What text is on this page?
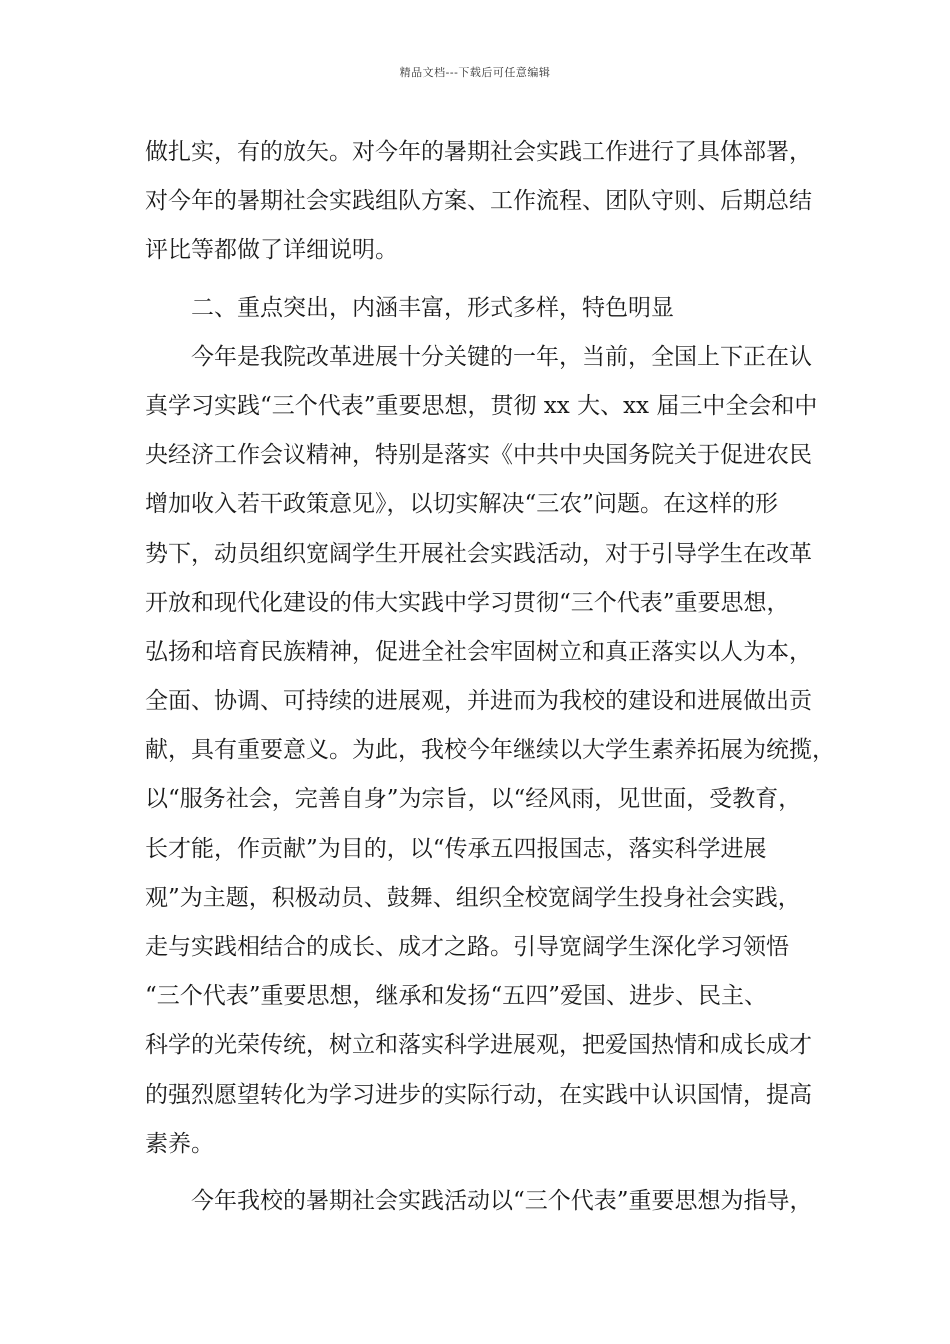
精品文档---下载后可任意编辑
做扎实，有的放矢。对今年的暑期社会实践工作进行了具体部署，
对今年的暑期社会实践组队方案、工作流程、团队守则、后期总结
评比等都做了详细说明。
二、重点突出，内涵丰富，形式多样，特色明显
今年是我院改革进展十分关键的一年，当前，全国上下正在认
真学习实践“三个代表”重要思想，贯彻 xx 大、xx 届三中全会和中
央经济工作会议精神，特别是落实《中共中央国务院关于促进农民
增加收入若干政策意见》，以切实解决“三农”问题。在这样的形
势下，动员组织宽阔学生开展社会实践活动，对于引导学生在改革
开放和现代化建设的伟大实践中学习贯彻“三个代表”重要思想，
弘扬和培育民族精神，促进全社会牢固树立和真正落实以人为本，
全面、协调、可持续的进展观，并进而为我校的建设和进展做出贡
献，具有重要意义。为此，我校今年继续以大学生素养拓展为统揽，
以“服务社会，完善自身”为宗旨，以“经风雨，见世面，受教育，
长才能，作贡献”为目的，以“传承五四报国志，落实科学进展
观”为主题，积极动员、鼓舞、组织全校宽阔学生投身社会实践，
走与实践相结合的成长、成才之路。引导宽阔学生深化学习领悟
“三个代表”重要思想，继承和发扬“五四”爱国、进步、民主、
科学的光荣传统，树立和落实科学进展观，把爱国热情和成长成才
的强烈愿望转化为学习进步的实际行动，在实践中认识国情，提高
素养。
今年我校的暑期社会实践活动以“三个代表”重要思想为指导，
